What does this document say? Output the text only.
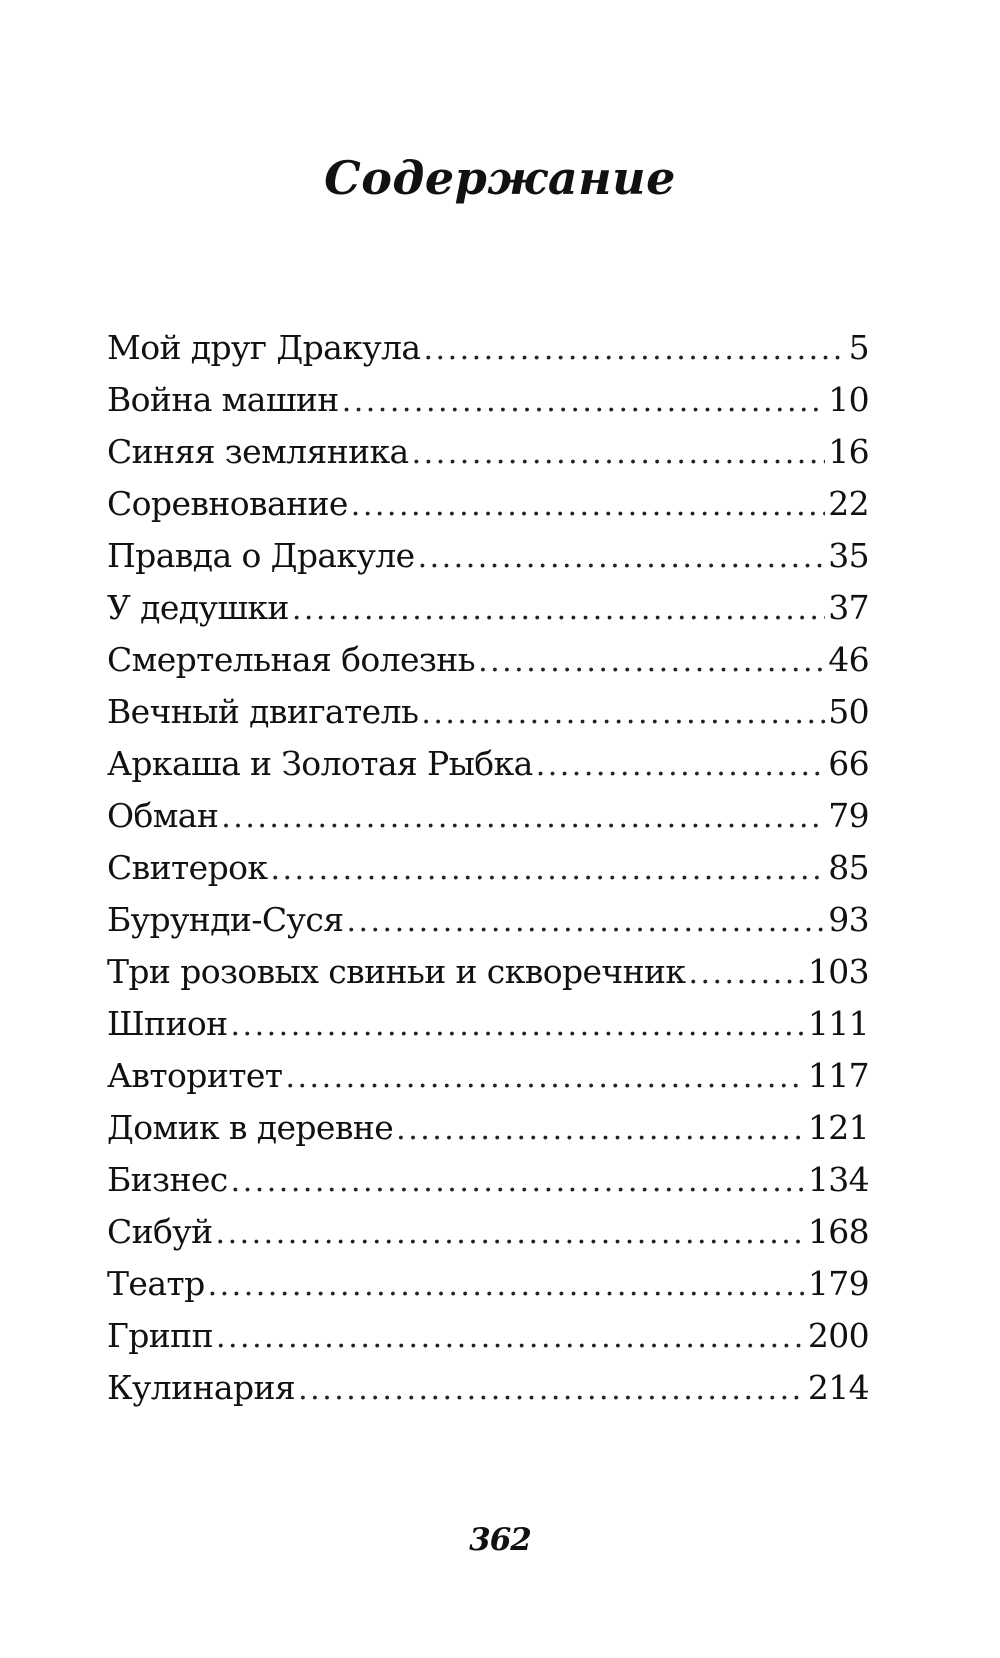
Содержание
Мой друг Дракула .....	5
Война машин .....	10
Синяя земляника .....	16
Соревнование .....	22
Правда о Дракуле .....	35
У дедушки .....	37
Смертельная болезнь .....	46
Вечный двигатель .....	50
Аркаша и Золотая Рыбка .....	66
Обман .....	79
Свитерок .....	85
Бурунди-Суся .....	93
Три розовых свиньи и скворечник .....	103
Шпион .....	111
Авторитет .....	117
Домик в деревне .....	121
Бизнес .....	134
Сибуй .....	168
Театр .....	179
Грипп .....	200
Кулинария .....	214
362
